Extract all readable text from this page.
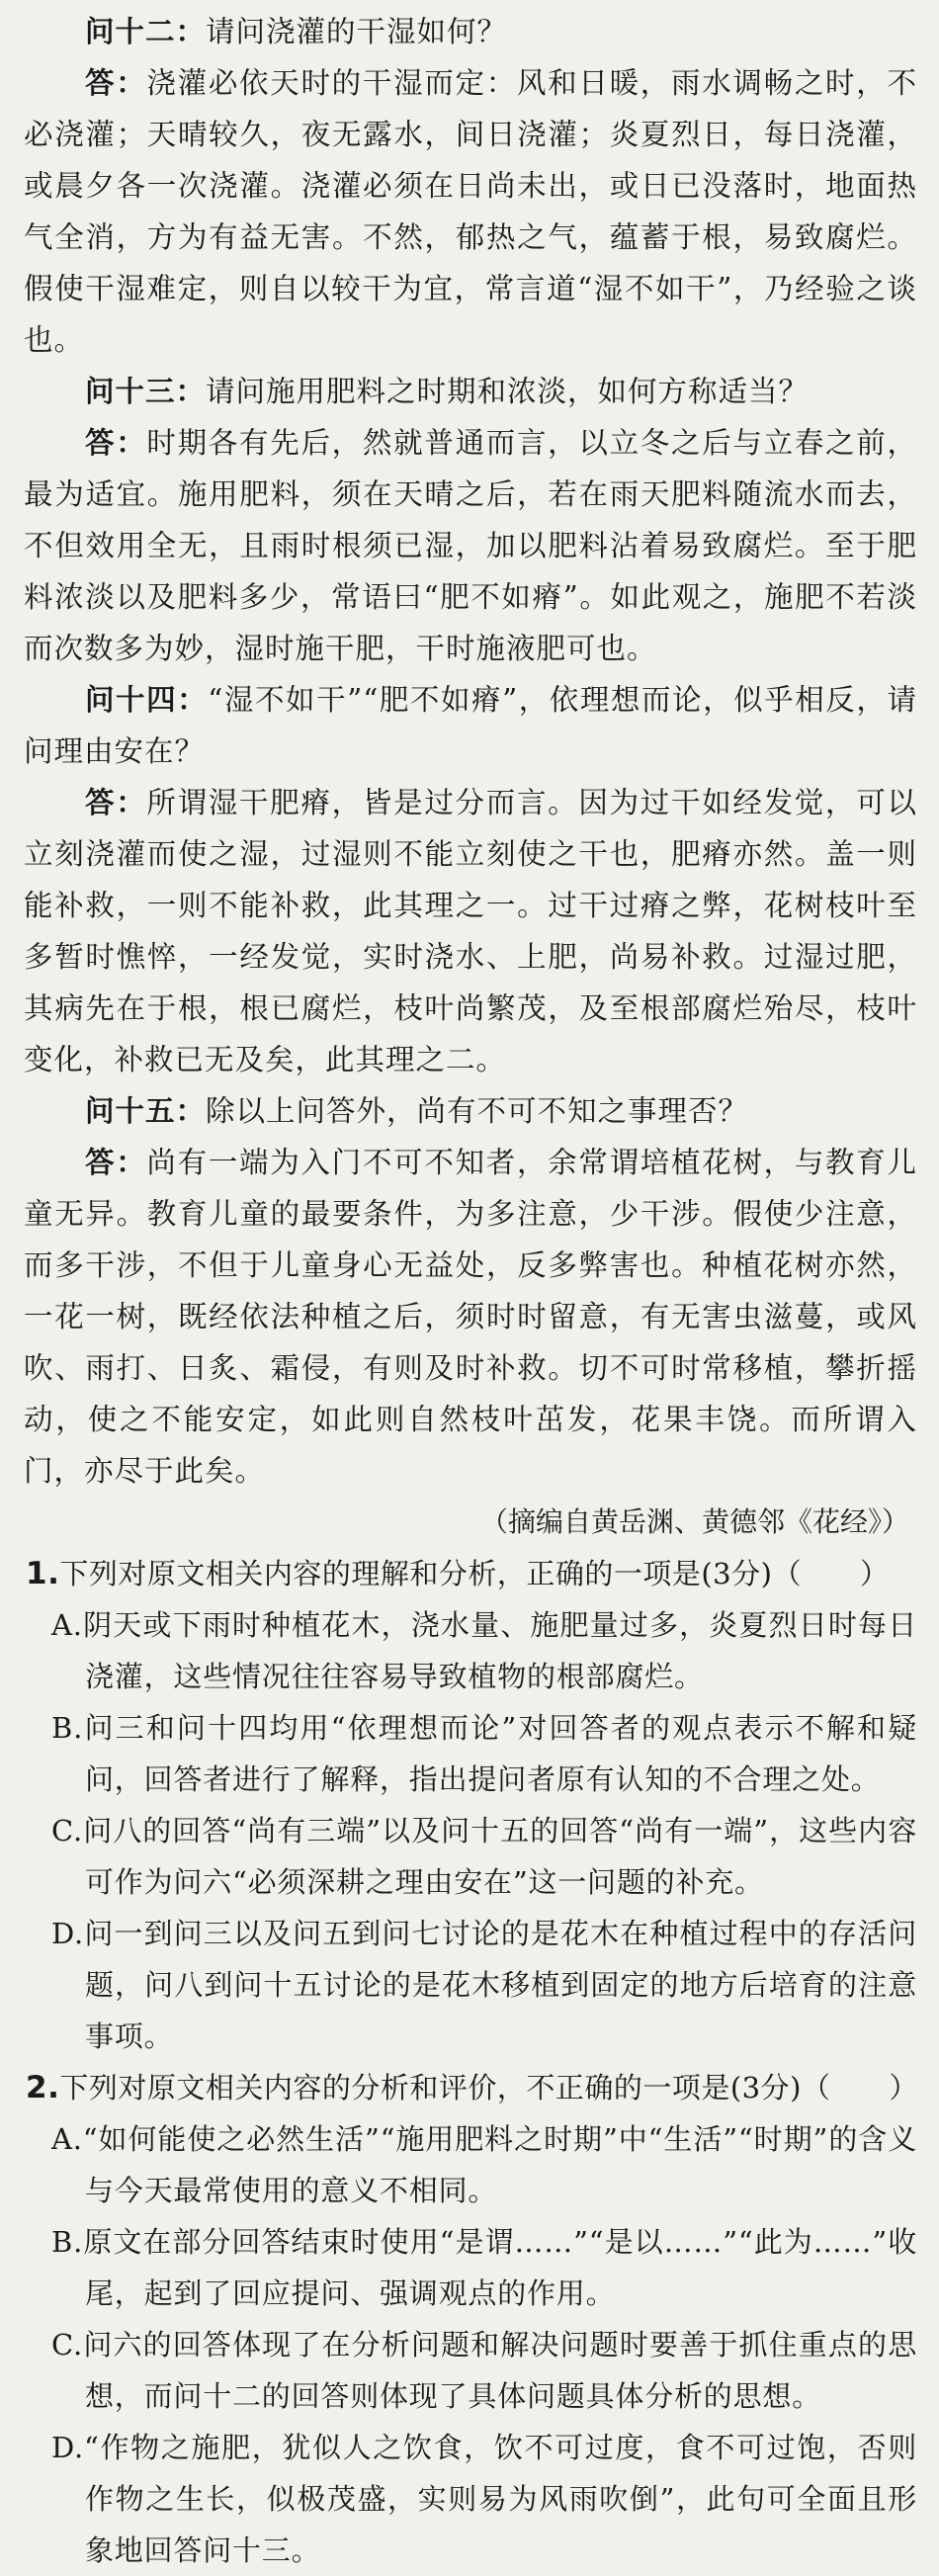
问十二：请问浇灌的干湿如何？

答：浇灌必依天时的干湿而定：风和日暖，雨水调畅之时，不必浇灌；天晴较久，夜无露水，间日浇灌；炎夏烈日，每日浇灌，或晨夕各一次浇灌。浇灌必须在日尚未出，或日已没落时，地面热气全消，方为有益无害。不然，郁热之气，蕴蓄于根，易致腐烂。假使干湿难定，则自以较干为宜，常言道“湿不如干”，乃经验之谈也。

问十三：请问施用肥料之时期和浓淡，如何方称适当？

答：时期各有先后，然就普通而言，以立冬之后与立春之前，最为适宜。施用肥料，须在天晴之后，若在雨天肥料随流水而去，不但效用全无，且雨时根须已湿，加以肥料沾着易致腐烂。至于肥料浓淡以及肥料多少，常语曰“肥不如瘠”。如此观之，施肥不若淡而次数多为妙，湿时施干肥，干时施液肥可也。

问十四：“湿不如干”“肥不如瘠”，依理想而论，似乎相反，请问理由安在？

答：所谓湿干肥瘠，皆是过分而言。因为过干如经发觉，可以立刻浇灌而使之湿，过湿则不能立刻使之干也，肥瘠亦然。盖一则能补救，一则不能补救，此其理之一。过干过瘠之弊，花树枝叶至多暂时憔悴，一经发觉，实时浇水、上肥，尚易补救。过湿过肥，其病先在于根，根已腐烂，枝叶尚繁茂，及至根部腐烂殆尽，枝叶变化，补救已无及矣，此其理之二。

问十五：除以上问答外，尚有不可不知之事理否？

答：尚有一端为入门不可不知者，余常谓培植花树，与教育儿童无异。教育儿童的最要条件，为多注意，少干涉。假使少注意，而多干涉，不但于儿童身心无益处，反多弊害也。种植花树亦然，一花一树，既经依法种植之后，须时时留意，有无害虫滋蔓，或风吹、雨打、日炙、霜侵，有则及时补救。切不可时常移植，攀折摇动，使之不能安定，如此则自然枝叶茁发，花果丰饶。而所谓入门，亦尽于此矣。

（摘编自黄岳渊、黄德邻《花经》）

1.下列对原文相关内容的理解和分析，正确的一项是(3分)（　　）

A.阴天或下雨时种植花木，浇水量、施肥量过多，炎夏烈日时每日浇灌，这些情况往往容易导致植物的根部腐烂。

B.问三和问十四均用“依理想而论”对回答者的观点表示不解和疑问，回答者进行了解释，指出提问者原有认知的不合理之处。

C.问八的回答“尚有三端”以及问十五的回答“尚有一端”，这些内容可作为问六“必须深耕之理由安在”这一问题的补充。

D.问一到问三以及问五到问七讨论的是花木在种植过程中的存活问题，问八到问十五讨论的是花木移植到固定的地方后培育的注意事项。

2.下列对原文相关内容的分析和评价，不正确的一项是(3分)（　　）

A.“如何能使之必然生活”“施用肥料之时期”中“生活”“时期”的含义与今天最常使用的意义不相同。

B.原文在部分回答结束时使用“是谓……”“是以……”“此为……”收尾，起到了回应提问、强调观点的作用。

C.问六的回答体现了在分析问题和解决问题时要善于抓住重点的思想，而问十二的回答则体现了具体问题具体分析的思想。

D.“作物之施肥，犹似人之饮食，饮不可过度，食不可过饱，否则作物之生长，似极茂盛，实则易为风雨吹倒”，此句可全面且形象地回答问十三。
